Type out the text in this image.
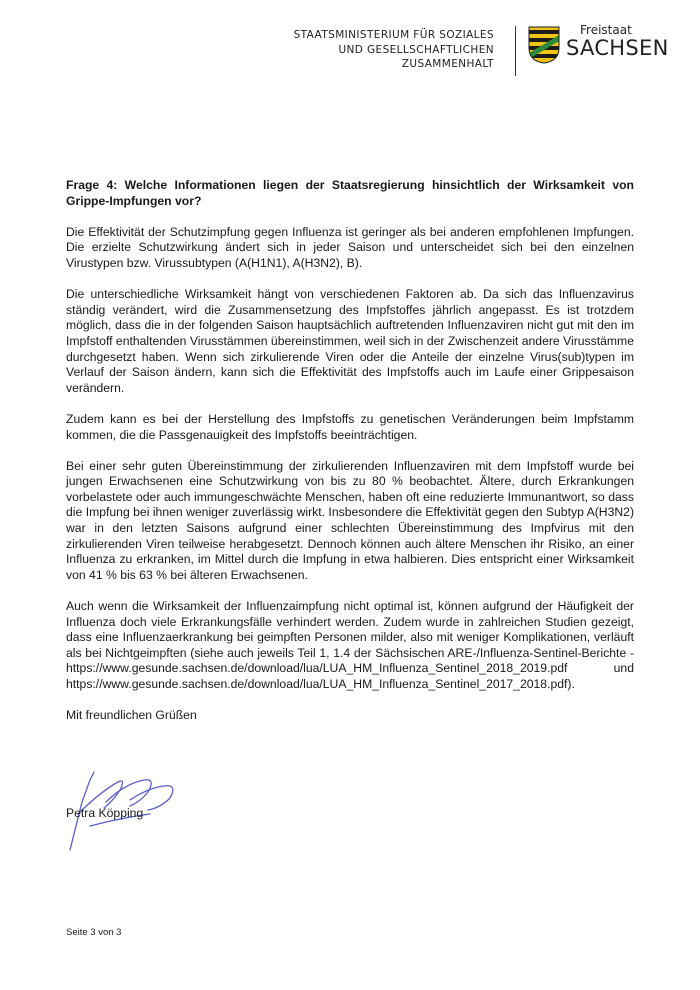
STAATSMINISTERIUM FÜR SOZIALES
UND GESELLSCHAFTLICHEN
ZUSAMMENHALT
Freistaat
SACHSEN
Frage 4: Welche Informationen liegen der Staatsregierung hinsichtlich der Wirksamkeit von Grippe-Impfungen vor?

Die Effektivität der Schutzimpfung gegen Influenza ist geringer als bei anderen empfohlenen Impfungen. Die erzielte Schutzwirkung ändert sich in jeder Saison und unterscheidet sich bei den einzelnen Virustypen bzw. Virussubtypen (A(H1N1), A(H3N2), B).

Die unterschiedliche Wirksamkeit hängt von verschiedenen Faktoren ab. Da sich das Influenzavirus ständig verändert, wird die Zusammensetzung des Impfstoffes jährlich angepasst. Es ist trotzdem möglich, dass die in der folgenden Saison hauptsächlich auftretenden Influenzaviren nicht gut mit den im Impfstoff enthaltenden Virusstämmen übereinstimmen, weil sich in der Zwischenzeit andere Virusstämme durchgesetzt haben. Wenn sich zirkulierende Viren oder die Anteile der einzelne Virus(sub)typen im Verlauf der Saison ändern, kann sich die Effektivität des Impfstoffs auch im Laufe einer Grippesaison verändern.

Zudem kann es bei der Herstellung des Impfstoffs zu genetischen Veränderungen beim Impfstamm kommen, die die Passgenauigkeit des Impfstoffs beeinträchtigen.

Bei einer sehr guten Übereinstimmung der zirkulierenden Influenzaviren mit dem Impfstoff wurde bei jungen Erwachsenen eine Schutzwirkung von bis zu 80 % beobachtet. Ältere, durch Erkrankungen vorbelastete oder auch immungeschwächte Menschen, haben oft eine reduzierte Immunantwort, so dass die Impfung bei ihnen weniger zuverlässig wirkt. Insbesondere die Effektivität gegen den Subtyp A(H3N2) war in den letzten Saisons aufgrund einer schlechten Übereinstimmung des Impfvirus mit den zirkulierenden Viren teilweise herabgesetzt. Dennoch können auch ältere Menschen ihr Risiko, an einer Influenza zu erkranken, im Mittel durch die Impfung in etwa halbieren. Dies entspricht einer Wirksamkeit von 41 % bis 63 % bei älteren Erwachsenen.

Auch wenn die Wirksamkeit der Influenzaimpfung nicht optimal ist, können aufgrund der Häufigkeit der Influenza doch viele Erkrankungsfälle verhindert werden. Zudem wurde in zahlreichen Studien gezeigt, dass eine Influenzaerkrankung bei geimpften Personen milder, also mit weniger Komplikationen, verläuft als bei Nichtgeimpften (siehe auch jeweils Teil 1, 1.4 der Sächsischen ARE-/Influenza-Sentinel-Berichte - https://www.gesunde.sachsen.de/download/lua/LUA_HM_Influenza_Sentinel_2018_2019.pdf und https://www.gesunde.sachsen.de/download/lua/LUA_HM_Influenza_Sentinel_2017_2018.pdf).

Mit freundlichen Grüßen

Petra Köpping
Seite 3 von 3
